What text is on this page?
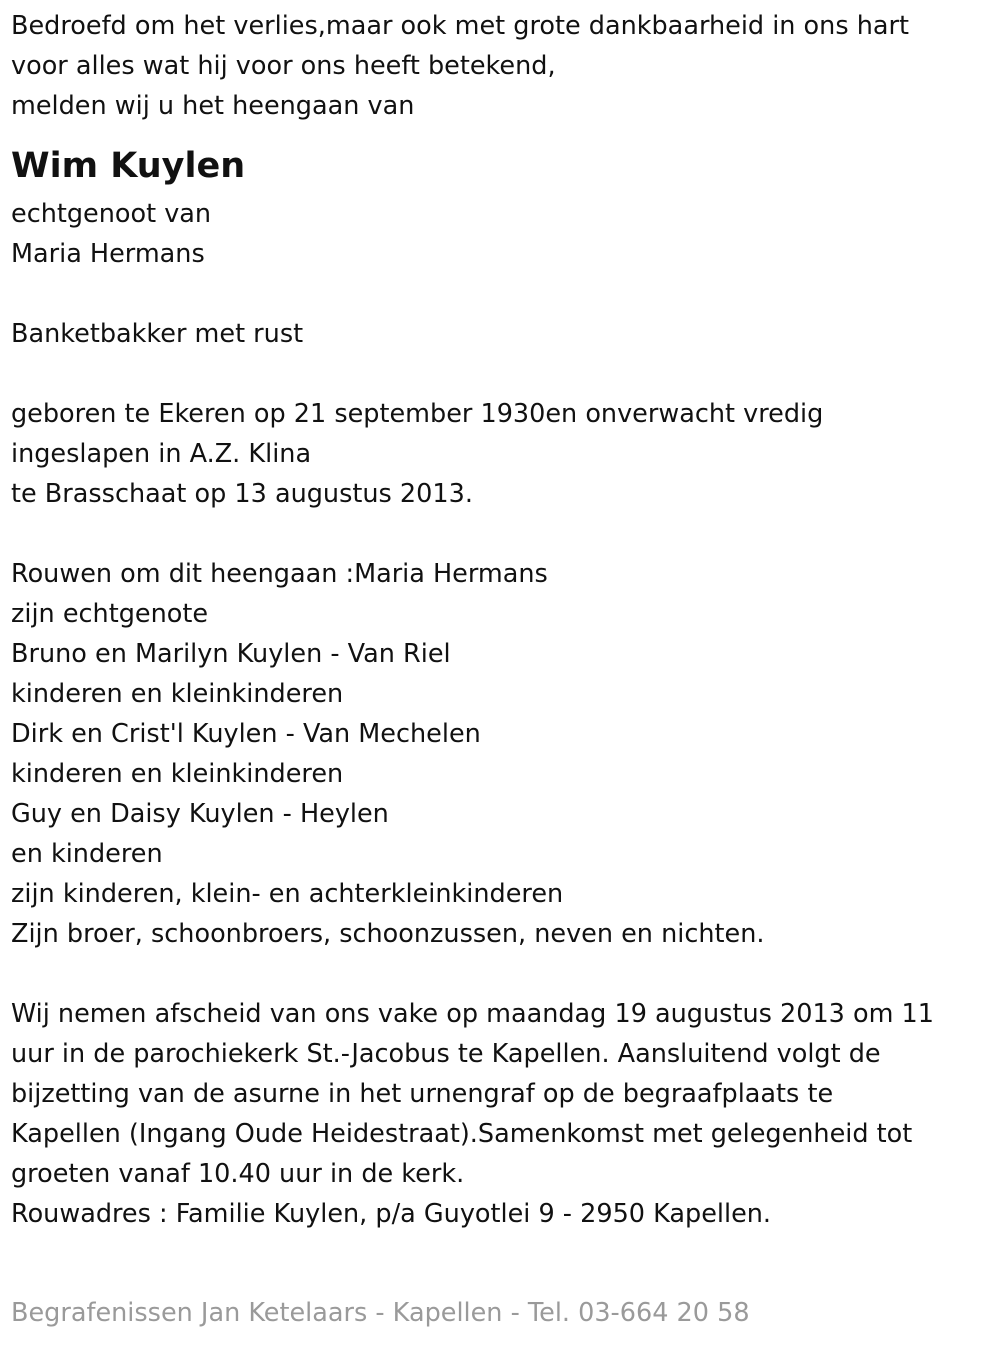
Bedroefd om het verlies,maar ook met grote dankbaarheid in ons hart
voor alles wat hij voor ons heeft betekend,
melden wij u het heengaan van
Wim Kuylen
echtgenoot van
Maria Hermans
Banketbakker met rust
geboren te Ekeren op 21 september 1930en onverwacht vredig
ingeslapen in A.Z. Klina
te Brasschaat op 13 augustus 2013.
Rouwen om dit heengaan :Maria Hermans
zijn echtgenote
Bruno en Marilyn Kuylen - Van Riel
kinderen en kleinkinderen
Dirk en Crist'l Kuylen - Van Mechelen
kinderen en kleinkinderen
Guy en Daisy Kuylen - Heylen
en kinderen
zijn kinderen, klein- en achterkleinkinderen
Zijn broer, schoonbroers, schoonzussen, neven en nichten.
Wij nemen afscheid van ons vake op maandag 19 augustus 2013 om 11
uur in de parochiekerk St.-Jacobus te Kapellen. Aansluitend volgt de
bijzetting van de asurne in het urnengraf op de begraafplaats te
Kapellen (Ingang Oude Heidestraat).Samenkomst met gelegenheid tot
groeten vanaf 10.40 uur in de kerk.
Rouwadres : Familie Kuylen, p/a Guyotlei 9 - 2950 Kapellen.
Begrafenissen Jan Ketelaars - Kapellen - Tel. 03-664 20 58
